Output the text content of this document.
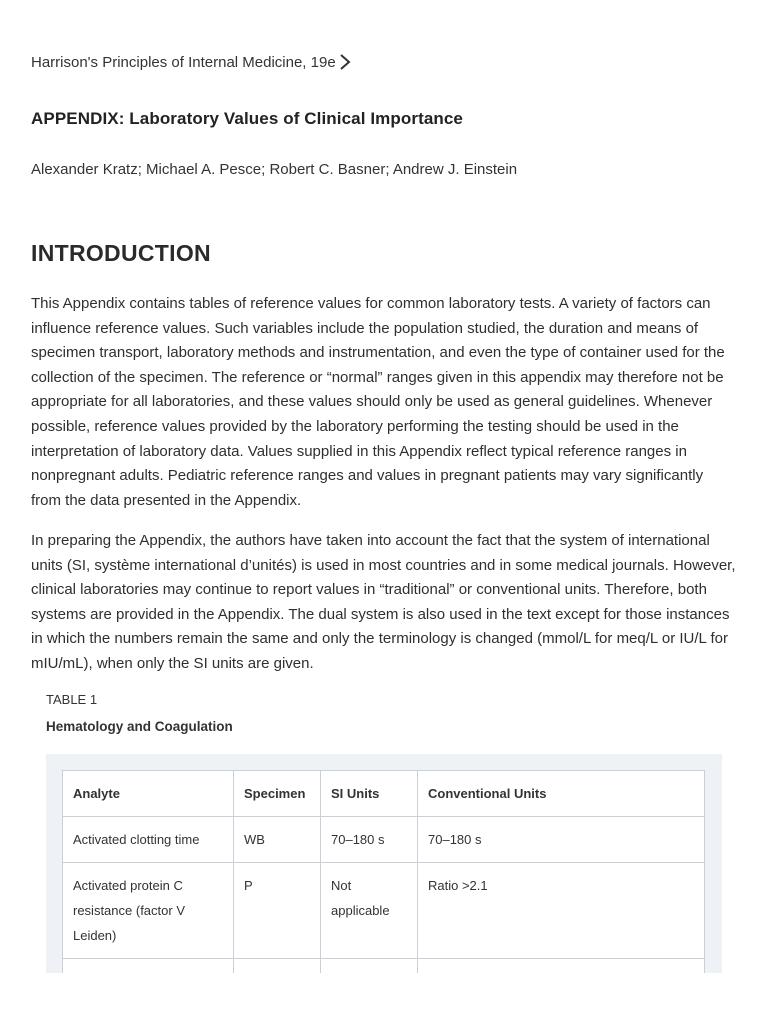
Harrison's Principles of Internal Medicine, 19e
APPENDIX: Laboratory Values of Clinical Importance
Alexander Kratz; Michael A. Pesce; Robert C. Basner; Andrew J. Einstein
INTRODUCTION

This Appendix contains tables of reference values for common laboratory tests. A variety of factors can influence reference values. Such variables include the population studied, the duration and means of specimen transport, laboratory methods and instrumentation, and even the type of container used for the collection of the specimen. The reference or “normal” ranges given in this appendix may therefore not be appropriate for all laboratories, and these values should only be used as general guidelines. Whenever possible, reference values provided by the laboratory performing the testing should be used in the interpretation of laboratory data. Values supplied in this Appendix reflect typical reference ranges in nonpregnant adults. Pediatric reference ranges and values in pregnant patients may vary significantly from the data presented in the Appendix.

In preparing the Appendix, the authors have taken into account the fact that the system of international units (SI, système international d’unités) is used in most countries and in some medical journals. However, clinical laboratories may continue to report values in “traditional” or conventional units. Therefore, both systems are provided in the Appendix. The dual system is also used in the text except for those instances in which the numbers remain the same and only the terminology is changed (mmol/L for meq/L or IU/L for mIU/mL), when only the SI units are given.

TABLE 1
Hematology and Coagulation
Analyte	Specimen	SI Units	Conventional Units
Activated clotting time	WB	70–180 s	70–180 s
Activated protein C resistance (factor V Leiden)	P	Not applicable	Ratio >2.1
